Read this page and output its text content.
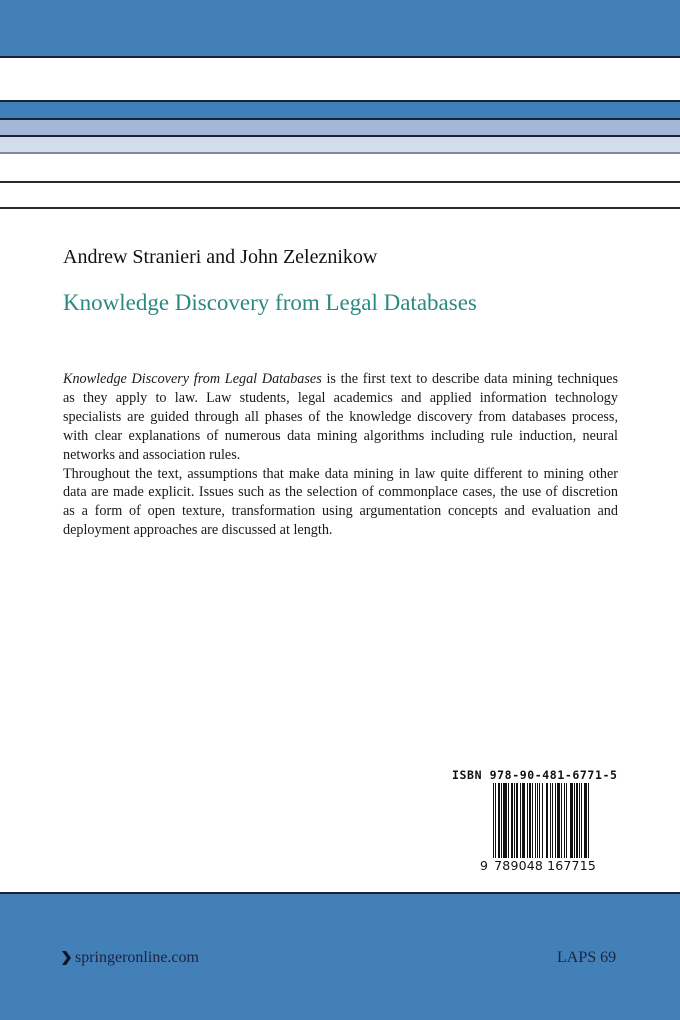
Andrew Stranieri and John Zeleznikow
Knowledge Discovery from Legal Databases

Knowledge Discovery from Legal Databases is the first text to describe data mining techniques as they apply to law. Law students, legal academics and applied information technology specialists are guided through all phases of the knowledge discovery from databases process, with clear explanations of numerous data mining algorithms including rule induction, neural networks and association rules.

Throughout the text, assumptions that make data mining in law quite different to mining other data are made explicit. Issues such as the selection of commonplace cases, the use of discretion as a form of open texture, transformation using argumentation concepts and evaluation and deployment approaches are discussed at length.

ISBN 978-90-481-6771-5
9 789048 167715
springeronline.com	LAPS 69
